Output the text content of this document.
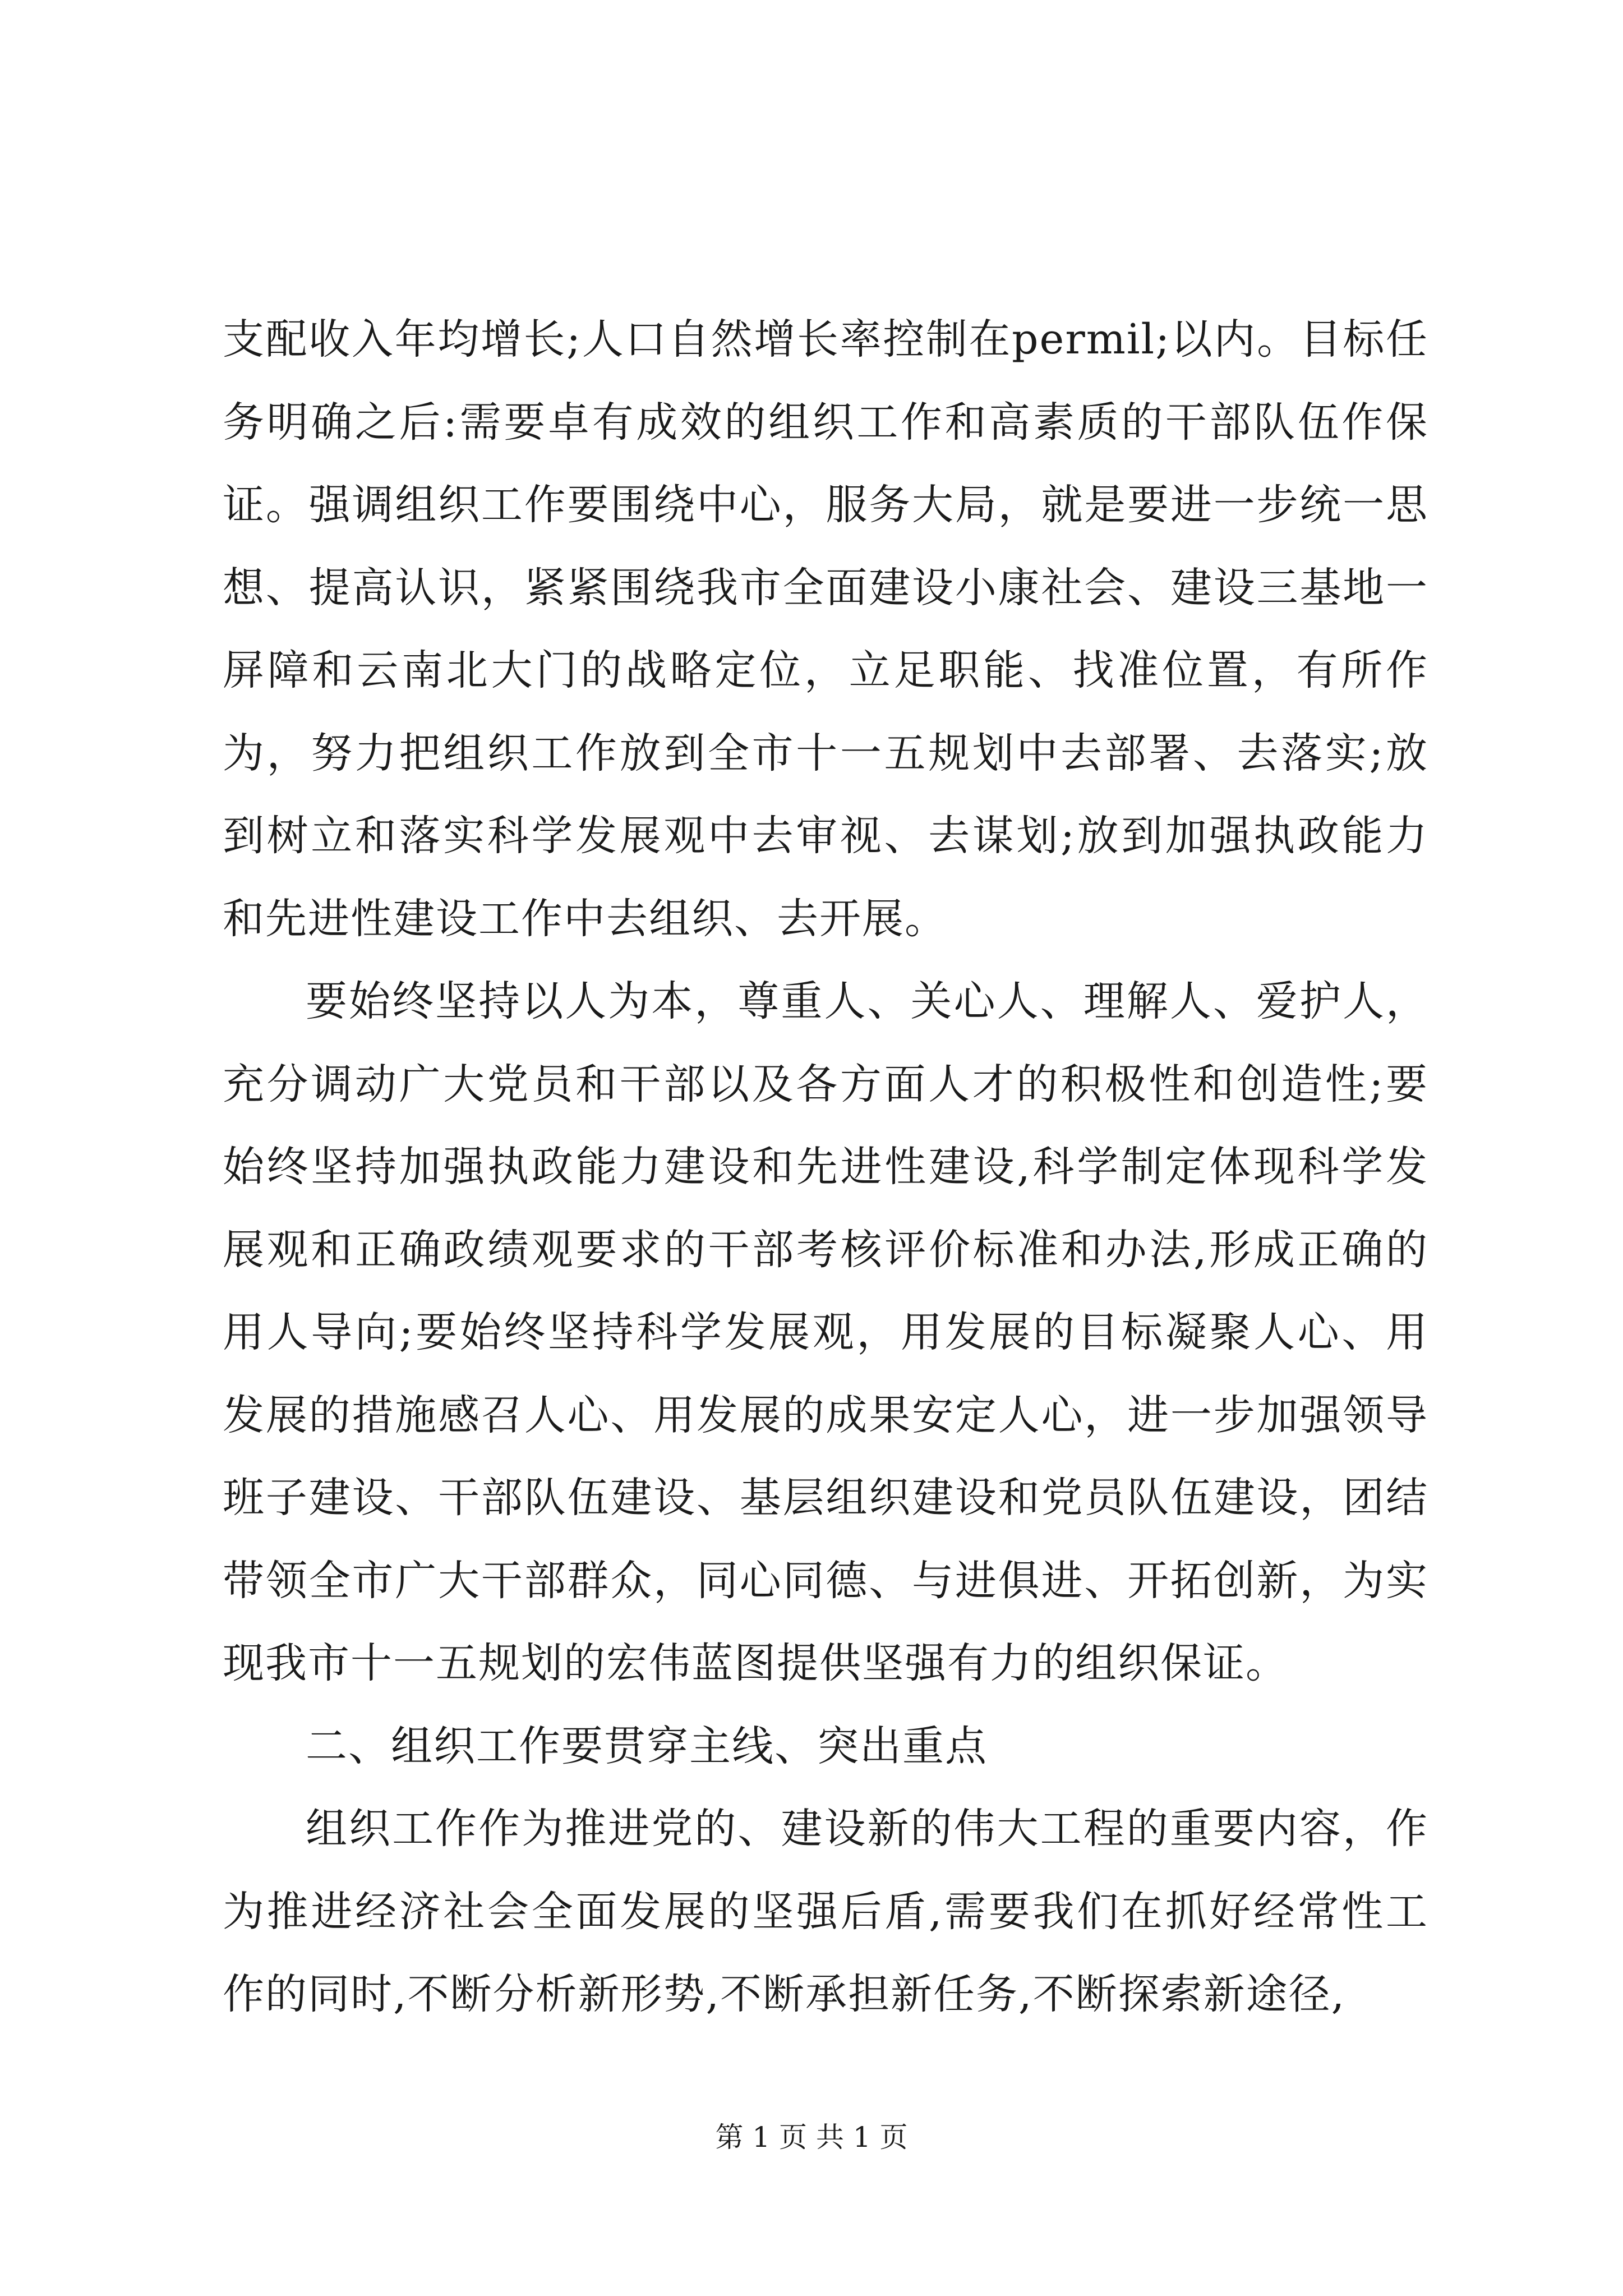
支配收入年均增长;人口自然增长率控制在permil;以内。目标任务明确之后:需要卓有成效的组织工作和高素质的干部队伍作保证。强调组织工作要围绕中心，服务大局，就是要进一步统一思想、提高认识，紧紧围绕我市全面建设小康社会、建设三基地一屏障和云南北大门的战略定位，立足职能、找准位置，有所作为，努力把组织工作放到全市十一五规划中去部署、去落实;放到树立和落实科学发展观中去审视、去谋划;放到加强执政能力和先进性建设工作中去组织、去开展。

要始终坚持以人为本，尊重人、关心人、理解人、爱护人，充分调动广大党员和干部以及各方面人才的积极性和创造性;要始终坚持加强执政能力建设和先进性建设,科学制定体现科学发展观和正确政绩观要求的干部考核评价标准和办法,形成正确的用人导向;要始终坚持科学发展观，用发展的目标凝聚人心、用发展的措施感召人心、用发展的成果安定人心，进一步加强领导班子建设、干部队伍建设、基层组织建设和党员队伍建设，团结带领全市广大干部群众，同心同德、与进俱进、开拓创新，为实现我市十一五规划的宏伟蓝图提供坚强有力的组织保证。

二、组织工作要贯穿主线、突出重点

组织工作作为推进党的、建设新的伟大工程的重要内容，作为推进经济社会全面发展的坚强后盾,需要我们在抓好经常性工作的同时,不断分析新形势,不断承担新任务,不断探索新途径,

第 1 页 共 1 页
